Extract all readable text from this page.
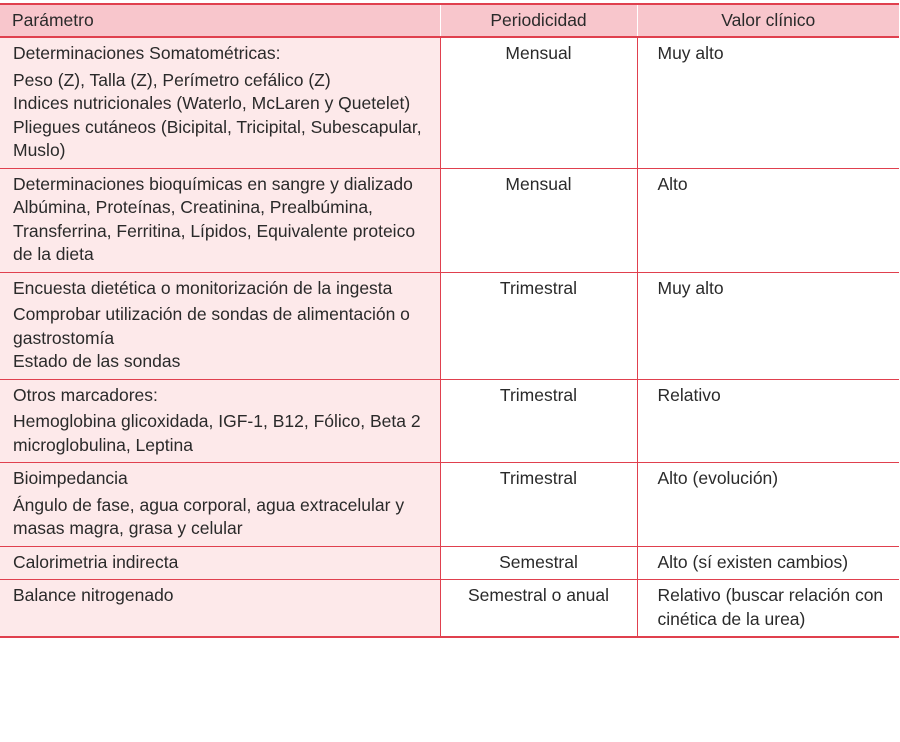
Parámetro	Periodicidad	Valor clínico

Determinaciones Somatométricas:
Peso (Z), Talla (Z), Perímetro cefálico (Z)
Indices nutricionales (Waterlo, McLaren y Quetelet)
Pliegues cutáneos (Bicipital, Tricipital, Subescapular, Muslo)	Mensual	Muy alto

Determinaciones bioquímicas en sangre y dializado
Albúmina, Proteínas, Creatinina, Prealbúmina, Transferrina, Ferritina, Lípidos, Equivalente proteico de la dieta	Mensual	Alto

Encuesta dietética o monitorización de la ingesta
Comprobar utilización de sondas de alimentación o gastrostomía
Estado de las sondas	Trimestral	Muy alto

Otros marcadores:
Hemoglobina glicoxidada, IGF-1, B12, Fólico, Beta 2 microglobulina, Leptina	Trimestral	Relativo

Bioimpedancia
Ángulo de fase, agua corporal, agua extracelular y masas magra, grasa y celular	Trimestral	Alto (evolución)

Calorimetria indirecta	Semestral	Alto (sí existen cambios)

Balance nitrogenado	Semestral o anual	Relativo (buscar relación con cinética de la urea)
